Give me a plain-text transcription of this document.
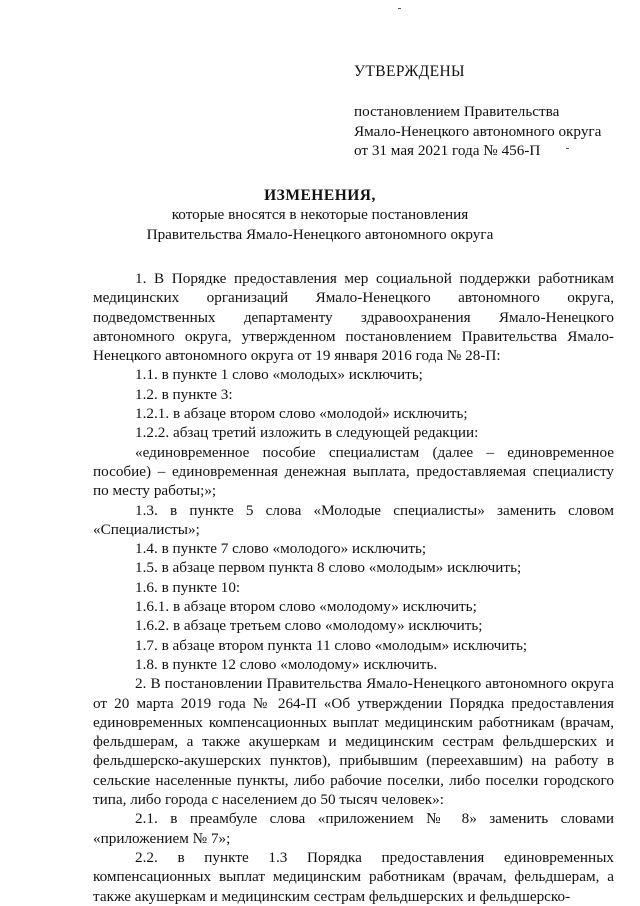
УТВЕРЖДЕНЫ
постановлением Правительства
Ямало-Ненецкого автономного округа
от 31 мая 2021 года № 456-П
ИЗМЕНЕНИЯ,
которые вносятся в некоторые постановления
Правительства Ямало-Ненецкого автономного округа
1. В Порядке предоставления мер социальной поддержки работникам медицинских организаций Ямало-Ненецкого автономного округа, подведомственных департаменту здравоохранения Ямало-Ненецкого автономного округа, утвержденном постановлением Правительства Ямало-Ненецкого автономного округа от 19 января 2016 года № 28-П:
1.1. в пункте 1 слово «молодых» исключить;
1.2. в пункте 3:
1.2.1. в абзаце втором слово «молодой» исключить;
1.2.2. абзац третий изложить в следующей редакции:
«единовременное пособие специалистам (далее – единовременное пособие) – единовременная денежная выплата, предоставляемая специалисту по месту работы;»;
1.3. в пункте 5 слова «Молодые специалисты» заменить словом «Специалисты»;
1.4. в пункте 7 слово «молодого» исключить;
1.5. в абзаце первом пункта 8 слово «молодым» исключить;
1.6. в пункте 10:
1.6.1. в абзаце втором слово «молодому» исключить;
1.6.2. в абзаце третьем слово «молодому» исключить;
1.7. в абзаце втором пункта 11 слово «молодым» исключить;
1.8. в пункте 12 слово «молодому» исключить.
2. В постановлении Правительства Ямало-Ненецкого автономного округа от 20 марта 2019 года № 264-П «Об утверждении Порядка предоставления единовременных компенсационных выплат медицинским работникам (врачам, фельдшерам, а также акушеркам и медицинским сестрам фельдшерских и фельдшерско-акушерских пунктов), прибывшим (переехавшим) на работу в сельские населенные пункты, либо рабочие поселки, либо поселки городского типа, либо города с населением до 50 тысяч человек»:
2.1. в преамбуле слова «приложением № 8» заменить словами «приложением № 7»;
2.2. в пункте 1.3 Порядка предоставления единовременных компенсационных выплат медицинским работникам (врачам, фельдшерам, а также акушеркам и медицинским сестрам фельдшерских и фельдшерско-
